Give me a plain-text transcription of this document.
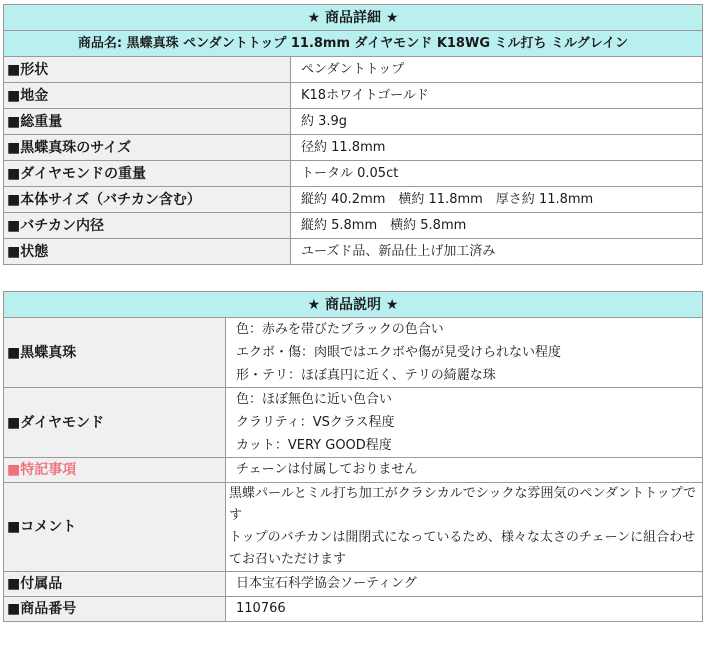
★ 商品詳細 ★	
商品名: 黒蝶真珠 ペンダントトップ 11.8mm ダイヤモンド K18WG ミル打ち ミルグレイン	
■形状	ペンダントトップ
■地金	K18ホワイトゴールド
■総重量	約 3.9g
■黒蝶真珠のサイズ	径約 11.8mm
■ダイヤモンドの重量	トータル 0.05ct
■本体サイズ（バチカン含む）	縦約 40.2mm　横約 11.8mm　厚さ約 11.8mm
■バチカン内径	縦約 5.8mm　横約 5.8mm
■状態	ユーズド品、新品仕上げ加工済み
★ 商品説明 ★	
■黒蝶真珠	色：赤みを帯びたブラックの色合い
エクボ・傷：肉眼ではエクボや傷が見受けられない程度
形・テリ：ほぼ真円に近く、テリの綺麗な珠

■ダイヤモンド	色：ほぼ無色に近い色合い
クラリティ：VSクラス程度
カット：VERY GOOD程度

■特記事項	チェーンは付属しておりません
■コメント	黒蝶パールとミル打ち加工がクラシカルでシックな雰囲気のペンダントトップです
トップのバチカンは開閉式になっているため、様々な太さのチェーンに組合わせてお召いただけます

■付属品	日本宝石科学協会ソーティング
■商品番号	110766
